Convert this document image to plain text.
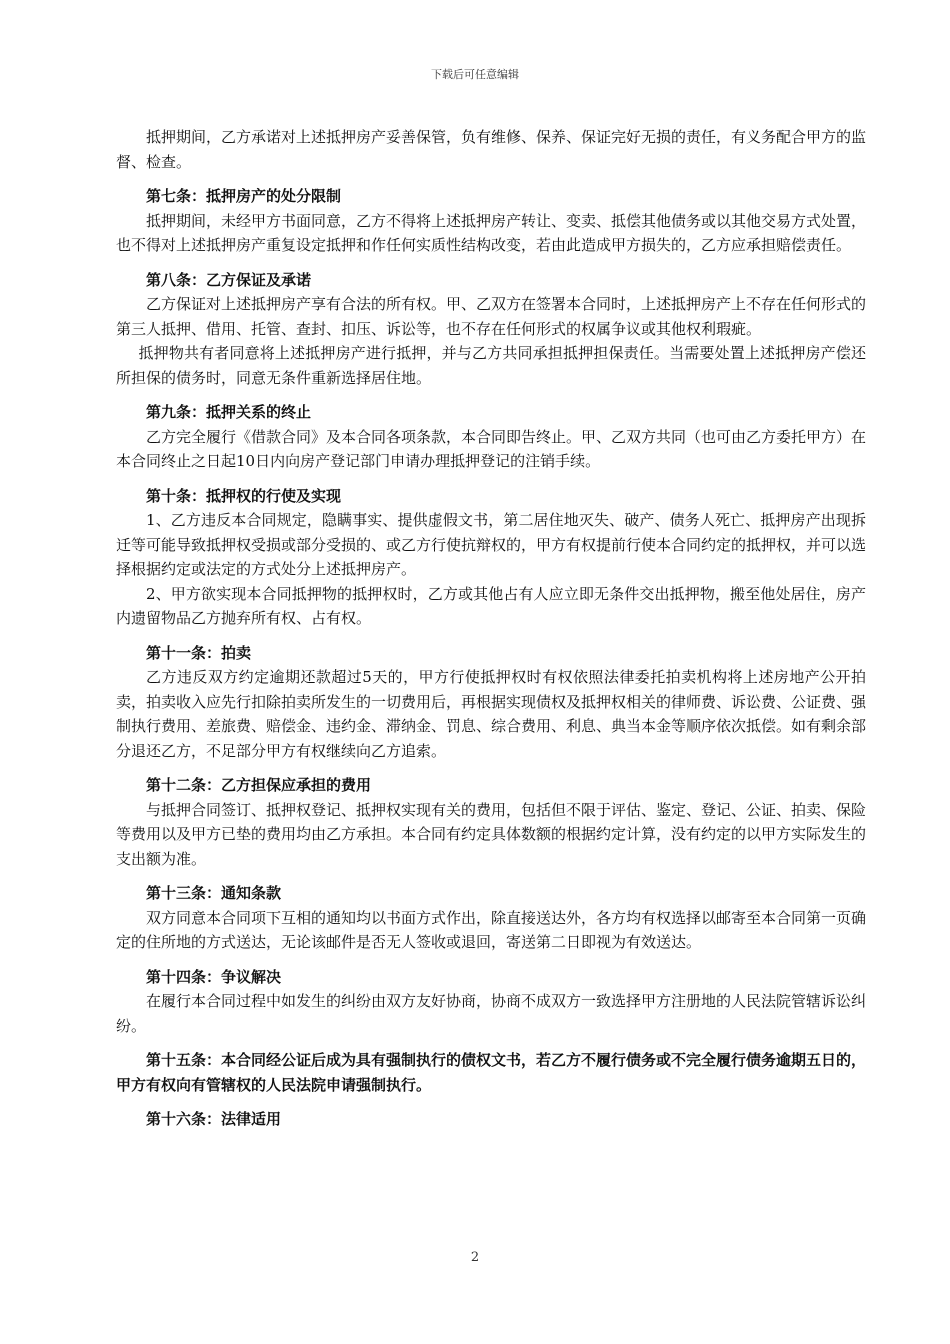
下载后可任意编辑

抵押期间，乙方承诺对上述抵押房产妥善保管，负有维修、保养、保证完好无损的责任，有义务配合甲方的监督、检查。

第七条：抵押房产的处分限制

抵押期间，未经甲方书面同意，乙方不得将上述抵押房产转让、变卖、抵偿其他债务或以其他交易方式处置，也不得对上述抵押房产重复设定抵押和作任何实质性结构改变，若由此造成甲方损失的，乙方应承担赔偿责任。

第八条：乙方保证及承诺

乙方保证对上述抵押房产享有合法的所有权。甲、乙双方在签署本合同时，上述抵押房产上不存在任何形式的第三人抵押、借用、托管、查封、扣压、诉讼等，也不存在任何形式的权属争议或其他权利瑕疵。

抵押物共有者同意将上述抵押房产进行抵押，并与乙方共同承担抵押担保责任。当需要处置上述抵押房产偿还所担保的债务时，同意无条件重新选择居住地。

第九条：抵押关系的终止

乙方完全履行《借款合同》及本合同各项条款，本合同即告终止。甲、乙双方共同（也可由乙方委托甲方）在本合同终止之日起10日内向房产登记部门申请办理抵押登记的注销手续。

第十条：抵押权的行使及实现

1、乙方违反本合同规定，隐瞒事实、提供虚假文书，第二居住地灭失、破产、债务人死亡、抵押房产出现拆迁等可能导致抵押权受损或部分受损的、或乙方行使抗辩权的，甲方有权提前行使本合同约定的抵押权，并可以选择根据约定或法定的方式处分上述抵押房产。

2、甲方欲实现本合同抵押物的抵押权时，乙方或其他占有人应立即无条件交出抵押物，搬至他处居住，房产内遗留物品乙方抛弃所有权、占有权。

第十一条：拍卖

乙方违反双方约定逾期还款超过5天的，甲方行使抵押权时有权依照法律委托拍卖机构将上述房地产公开拍卖，拍卖收入应先行扣除拍卖所发生的一切费用后，再根据实现债权及抵押权相关的律师费、诉讼费、公证费、强制执行费用、差旅费、赔偿金、违约金、滞纳金、罚息、综合费用、利息、典当本金等顺序依次抵偿。如有剩余部分退还乙方，不足部分甲方有权继续向乙方追索。

第十二条：乙方担保应承担的费用

与抵押合同签订、抵押权登记、抵押权实现有关的费用，包括但不限于评估、鉴定、登记、公证、拍卖、保险等费用以及甲方已垫的费用均由乙方承担。本合同有约定具体数额的根据约定计算，没有约定的以甲方实际发生的支出额为准。

第十三条：通知条款

双方同意本合同项下互相的通知均以书面方式作出，除直接送达外，各方均有权选择以邮寄至本合同第一页确定的住所地的方式送达，无论该邮件是否无人签收或退回，寄送第二日即视为有效送达。

第十四条：争议解决

在履行本合同过程中如发生的纠纷由双方友好协商，协商不成双方一致选择甲方注册地的人民法院管辖诉讼纠纷。

第十五条：本合同经公证后成为具有强制执行的债权文书，若乙方不履行债务或不完全履行债务逾期五日的，甲方有权向有管辖权的人民法院申请强制执行。

第十六条：法律适用

2
